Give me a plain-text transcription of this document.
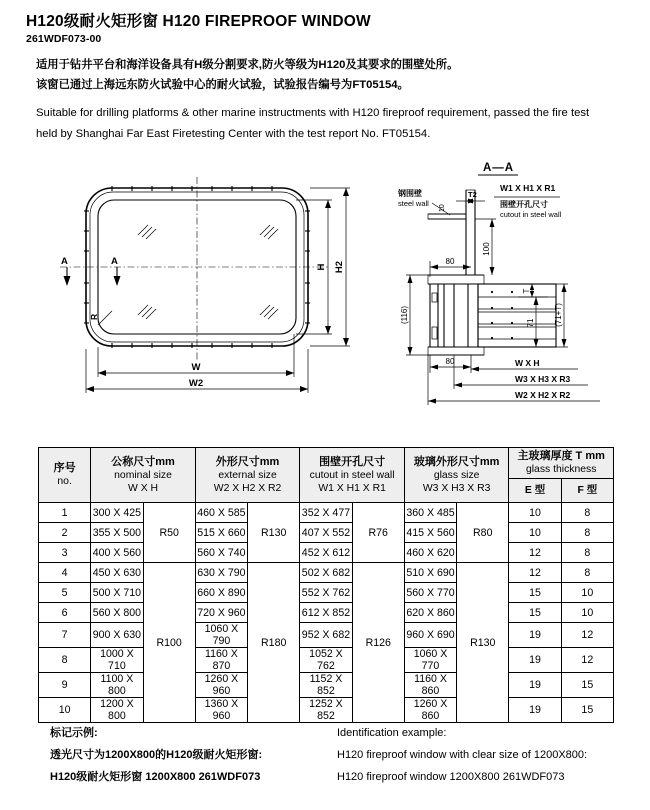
H120级耐火矩形窗 H120 FIREPROOF WINDOW
261WDF073-00
适用于钻井平台和海洋设备具有H级分割要求,防火等级为H120及其要求的围壁处所。
该窗已通过上海远东防火试验中心的耐火试验，试验报告编号为FT05154。
Suitable for drilling platforms & other marine instructments with H120 fireproof requirement, passed the fire test
held by Shanghai Far East Firetesting Center with the test report No. FT05154.
A	A
R
W
W2
H H2
A—A
钢围壁
steel wall
10
T2
W1 X H1 X R1
围壁开孔尺寸
cutout in steel wall
100
80
(116)
T
71 (71+T)
80	W X H
W3 X H3 X R3
W2 X H2 X R2
序号
no.	公称尺寸mm
nominal size
W X H		外形尺寸mm
external size
W2 X H2 X R2		围壁开孔尺寸
cutout in steel wall
W1 X H1 X R1		玻璃外形尺寸mm
glass size
W3 X H3 X R3		主玻璃厚度 T mm
glass thickness	

									E 型	F 型
1	300 X 425	R50	460 X 585	R130	352 X 477	R76	360 X 485	R80	10	8
2	355 X 500		515 X 660		407 X 552		415 X 560		10	8
3	400 X 560		560 X 740		452 X 612		460 X 620		12	8
4	450 X 630	R100	630 X 790	R180	502 X 682	R126	510 X 690	R130	12	8
5	500 X 710		660 X 890		552 X 762		560 X 770		15	10
6	560 X 800		720 X 960		612 X 852		620 X 860		15	10
7	900 X 630		1060 X 790		952 X 682		960 X 690		19	12
8	1000 X 710		1160 X 870		1052 X 762		1060 X 770		19	12
9	1100 X 800		1260 X 960		1152 X 852		1160 X 860		19	15
10	1200 X 800		1360 X 960		1252 X 852		1260 X 860		19	15
标记示例:
透光尺寸为1200X800的H120级耐火矩形窗:
H120级耐火矩形窗 1200X800 261WDF073
Identification example:
H120 fireproof window with clear size of 1200X800:
H120 fireproof window 1200X800 261WDF073
